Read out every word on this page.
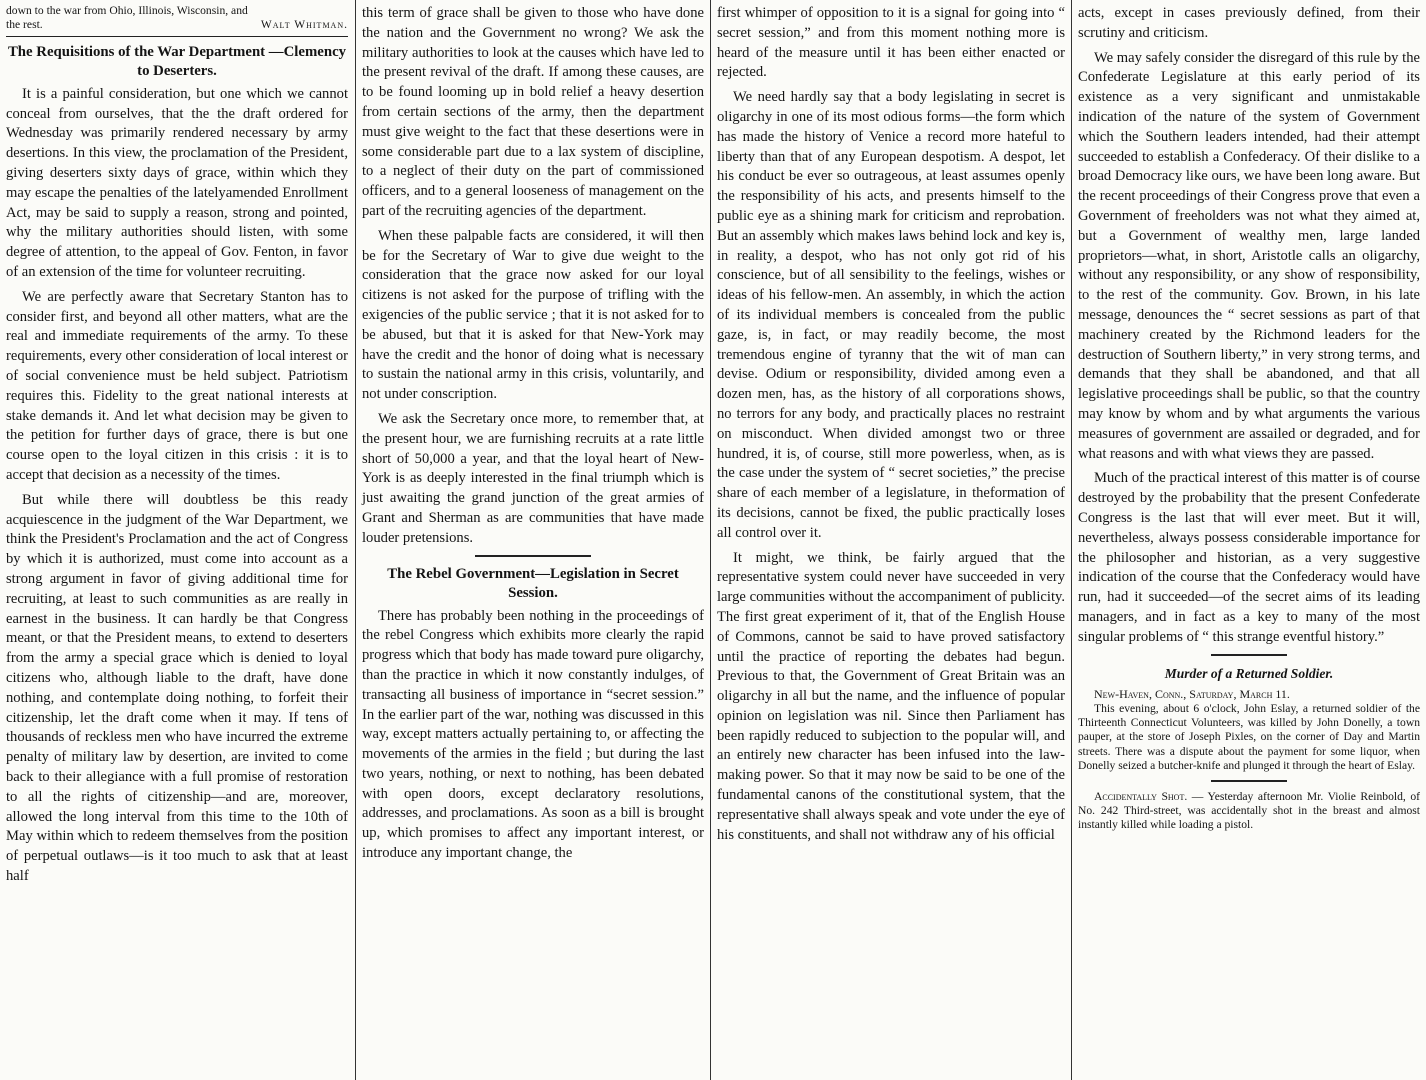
down to the war from Ohio, Illinois, Wisconsin, and
the rest.	Walt Whitman.
The Requisitions of the War Department —Clemency to Deserters.

It is a painful consideration, but one which we cannot conceal from ourselves, that the the draft ordered for Wednesday was primarily rendered necessary by army desertions. In this view, the proclamation of the President, giving deserters sixty days of grace, within which they may escape the penalties of the latelyamended Enrollment Act, may be said to supply a reason, strong and pointed, why the military authorities should listen, with some degree of attention, to the appeal of Gov. Fenton, in favor of an extension of the time for volunteer recruiting.

We are perfectly aware that Secretary Stanton has to consider first, and beyond all other matters, what are the real and immediate requirements of the army. To these requirements, every other consideration of local interest or of social convenience must be held subject. Patriotism requires this. Fidelity to the great national interests at stake demands it. And let what decision may be given to the petition for further days of grace, there is but one course open to the loyal citizen in this crisis : it is to accept that decision as a necessity of the times.

But while there will doubtless be this ready acquiescence in the judgment of the War Department, we think the President's Proclamation and the act of Congress by which it is authorized, must come into account as a strong argument in favor of giving additional time for recruiting, at least to such communities as are really in earnest in the business. It can hardly be that Congress meant, or that the President means, to extend to deserters from the army a special grace which is denied to loyal citizens who, although liable to the draft, have done nothing, and contemplate doing nothing, to forfeit their citizenship, let the draft come when it may. If tens of thousands of reckless men who have incurred the extreme penalty of military law by desertion, are invited to come back to their allegiance with a full promise of restoration to all the rights of citizenship—and are, moreover, allowed the long interval from this time to the 10th of May within which to redeem themselves from the position of perpetual outlaws—is it too much to ask that at least half

this term of grace shall be given to those who have done the nation and the Government no wrong? We ask the military authorities to look at the causes which have led to the present revival of the draft. If among these causes, are to be found looming up in bold relief a heavy desertion from certain sections of the army, then the department must give weight to the fact that these desertions were in some considerable part due to a lax system of discipline, to a neglect of their duty on the part of commissioned officers, and to a general looseness of management on the part of the recruiting agencies of the department.

When these palpable facts are considered, it will then be for the Secretary of War to give due weight to the consideration that the grace now asked for our loyal citizens is not asked for the purpose of trifling with the exigencies of the public service ; that it is not asked for to be abused, but that it is asked for that New-York may have the credit and the honor of doing what is necessary to sustain the national army in this crisis, voluntarily, and not under conscription.

We ask the Secretary once more, to remember that, at the present hour, we are furnishing recruits at a rate little short of 50,000 a year, and that the loyal heart of New-York is as deeply interested in the final triumph which is just awaiting the grand junction of the great armies of Grant and Sherman as are communities that have made louder pretensions.

The Rebel Government—Legislation in Secret Session.

There has probably been nothing in the proceedings of the rebel Congress which exhibits more clearly the rapid progress which that body has made toward pure oligarchy, than the practice in which it now constantly indulges, of transacting all business of importance in “secret session.” In the earlier part of the war, nothing was discussed in this way, except matters actually pertaining to, or affecting the movements of the armies in the field ; but during the last two years, nothing, or next to nothing, has been debated with open doors, except declaratory resolutions, addresses, and proclamations. As soon as a bill is brought up, which promises to affect any important interest, or introduce any important change, the

first whimper of opposition to it is a signal for going into “ secret session,” and from this moment nothing more is heard of the measure until it has been either enacted or rejected.

We need hardly say that a body legislating in secret is oligarchy in one of its most odious forms—the form which has made the history of Venice a record more hateful to liberty than that of any European despotism. A despot, let his conduct be ever so outrageous, at least assumes openly the responsibility of his acts, and presents himself to the public eye as a shining mark for criticism and reprobation. But an assembly which makes laws behind lock and key is, in reality, a despot, who has not only got rid of his conscience, but of all sensibility to the feelings, wishes or ideas of his fellow-men. An assembly, in which the action of its individual members is concealed from the public gaze, is, in fact, or may readily become, the most tremendous engine of tyranny that the wit of man can devise. Odium or responsibility, divided among even a dozen men, has, as the history of all corporations shows, no terrors for any body, and practically places no restraint on misconduct. When divided amongst two or three hundred, it is, of course, still more powerless, when, as is the case under the system of “ secret societies,” the precise share of each member of a legislature, in theformation of its decisions, cannot be fixed, the public practically loses all control over it.

It might, we think, be fairly argued that the representative system could never have succeeded in very large communities without the accompaniment of publicity. The first great experiment of it, that of the English House of Commons, cannot be said to have proved satisfactory until the practice of reporting the debates had begun. Previous to that, the Government of Great Britain was an oligarchy in all but the name, and the influence of popular opinion on legislation was nil. Since then Parliament has been rapidly reduced to subjection to the popular will, and an entirely new character has been infused into the law-making power. So that it may now be said to be one of the fundamental canons of the constitutional system, that the representative shall always speak and vote under the eye of his constituents, and shall not withdraw any of his official

acts, except in cases previously defined, from their scrutiny and criticism.

We may safely consider the disregard of this rule by the Confederate Legislature at this early period of its existence as a very significant and unmistakable indication of the nature of the system of Government which the Southern leaders intended, had their attempt succeeded to establish a Confederacy. Of their dislike to a broad Democracy like ours, we have been long aware. But the recent proceedings of their Congress prove that even a Government of freeholders was not what they aimed at, but a Government of wealthy men, large landed proprietors—what, in short, Aristotle calls an oligarchy, without any responsibility, or any show of responsibility, to the rest of the community. Gov. Brown, in his late message, denounces the “ secret sessions as part of that machinery created by the Richmond leaders for the destruction of Southern liberty,” in very strong terms, and demands that they shall be abandoned, and that all legislative proceedings shall be public, so that the country may know by whom and by what arguments the various measures of government are assailed or degraded, and for what reasons and with what views they are passed.

Much of the practical interest of this matter is of course destroyed by the probability that the present Confederate Congress is the last that will ever meet. But it will, nevertheless, always possess considerable importance for the philosopher and historian, as a very suggestive indication of the course that the Confederacy would have run, had it succeeded—of the secret aims of its leading managers, and in fact as a key to many of the most singular problems of “ this strange eventful history.”

Murder of a Returned Soldier.
New-Haven, Conn., Saturday, March 11.

This evening, about 6 o'clock, John Eslay, a returned soldier of the Thirteenth Connecticut Volunteers, was killed by John Donelly, a town pauper, at the store of Joseph Pixles, on the corner of Day and Martin streets. There was a dispute about the payment for some liquor, when Donelly seized a butcher-knife and plunged it through the heart of Eslay.

Accidentally Shot. — Yesterday afternoon Mr. Violie Reinbold, of No. 242 Third-street, was accidentally shot in the breast and almost instantly killed while loading a pistol.
